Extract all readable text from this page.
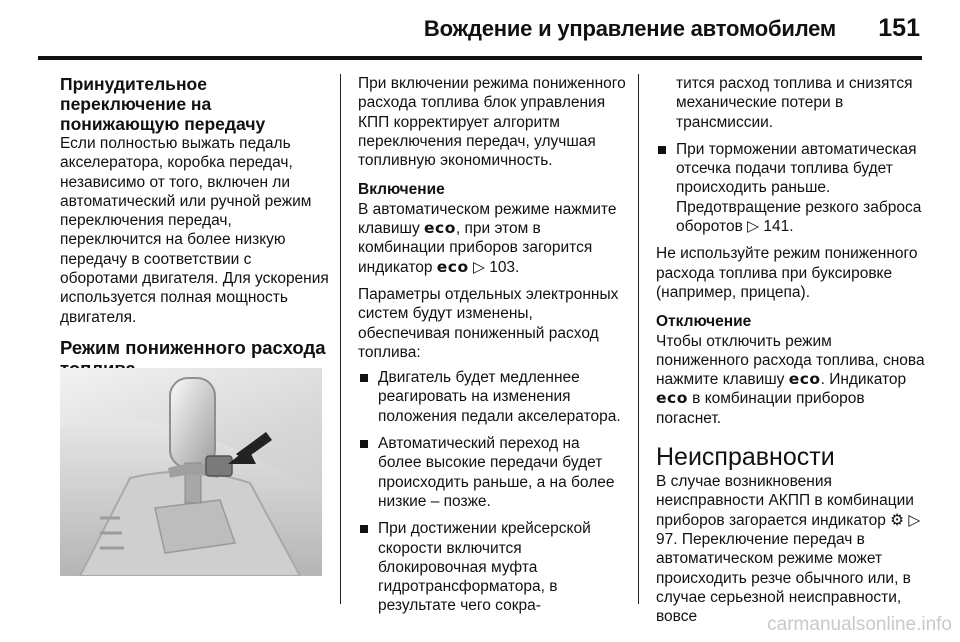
Вождение и управление автомобилем 151
Принудительное переключение на понижающую передачу

Если полностью выжать педаль акселератора, коробка передач, независимо от того, включен ли автоматический или ручной режим переключения передач, переключится на более низкую передачу в соответствии с оборотами двигателя. Для ускорения используется полная мощность двигателя.

Режим пониженного расхода

При включении режима пониженного расхода топлива блок управления КПП корректирует алгоритм переключения передач, улучшая топливную экономичность.

Включение

В автоматическом режиме нажмите клавишу eco, при этом в комбинации приборов загорится индикатор eco ▷ 103.

Параметры отдельных электронных систем будут изменены, обеспечивая пониженный расход топлива:

Двигатель будет медленнее реагировать на изменения положения педали акселератора.
Автоматический переход на более высокие передачи будет происходить раньше, а на более низкие – позже.
При достижении крейсерской скорости включится блокировочная муфта гидротрансформатора, в результате чего сокра-
тится расход топлива и снизятся механические потери в трансмиссии.
При торможении автоматическая отсечка подачи топлива будет происходить раньше. Предотвращение резкого заброса оборотов ▷ 141.

Не используйте режим пониженного расхода топлива при буксировке (например, прицепа).

Отключение

Чтобы отключить режим пониженного расхода топлива, снова нажмите клавишу eco. Индикатор eco в комбинации приборов погаснет.

Неисправности

В случае возникновения неисправности АКПП в комбинации приборов загорается индикатор ⚙ ▷ 97. Переключение передач в автоматическом режиме может происходить резче обычного или, в случае серьезной неисправности, вовсе	carmanualsonline.info
